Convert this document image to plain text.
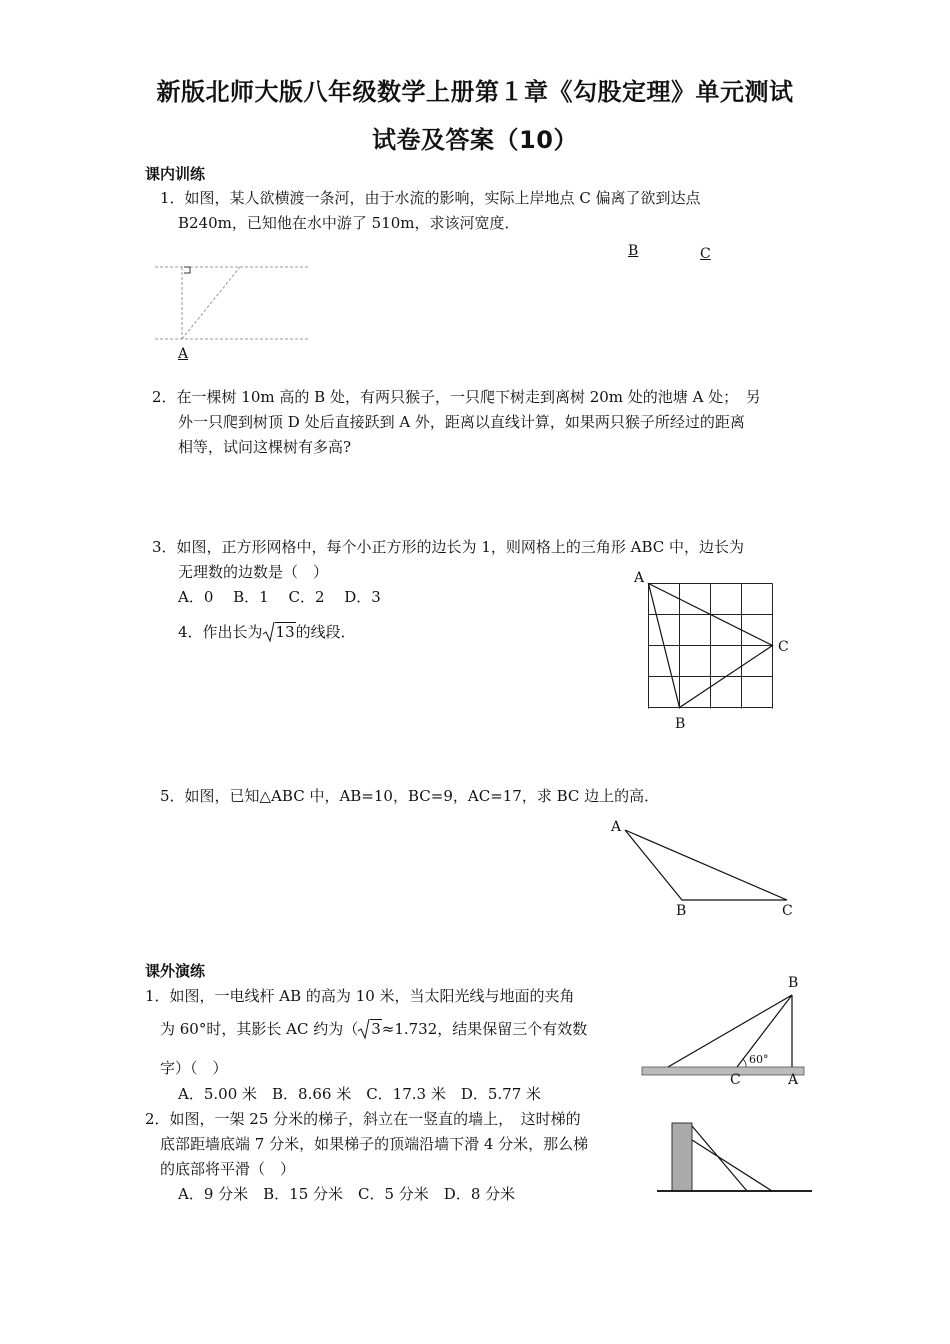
新版北师大版八年级数学上册第１章《勾股定理》单元测试
试卷及答案（10）
课内训练
1．如图，某人欲横渡一条河，由于水流的影响，实际上岸地点 C 偏离了欲到达点
B240m，已知他在水中游了 510m，求该河宽度．
B	C
A
2．在一棵树 10m 高的 B 处，有两只猴子，一只爬下树走到离树 20m 处的池塘 A 处；　另
外一只爬到树顶 D 处后直接跃到 A 外，距离以直线计算，如果两只猴子所经过的距离
相等，试问这棵树有多高?
3．如图，正方形网格中，每个小正方形的边长为 1，则网格上的三角形 ABC 中，边长为
无理数的边数是（　）
A．0　 B．1　 C．2　 D．3
4．作出长为 13的线段．
A
C
B
5．如图，已知△ABC 中，AB=10，BC=9，AC=17，求 BC 边上的高．
A
B	C
课外演练
1．如图，一电线杆 AB 的高为 10 米，当太阳光线与地面的夹角
为 60°时，其影长 AC 约为（ 3≈1.732，结果保留三个有效数
字）（　）
A．5.00 米　B．8.66 米　C．17.3 米　D．5.77 米
B
60°
C	A
2．如图，一架 25 分米的梯子，斜立在一竖直的墙上，　这时梯的
底部距墙底端 7 分米，如果梯子的顶端沿墙下滑 4 分米，那么梯
的底部将平滑（　）
A．9 分米　B．15 分米　C．5 分米　D．8 分米
